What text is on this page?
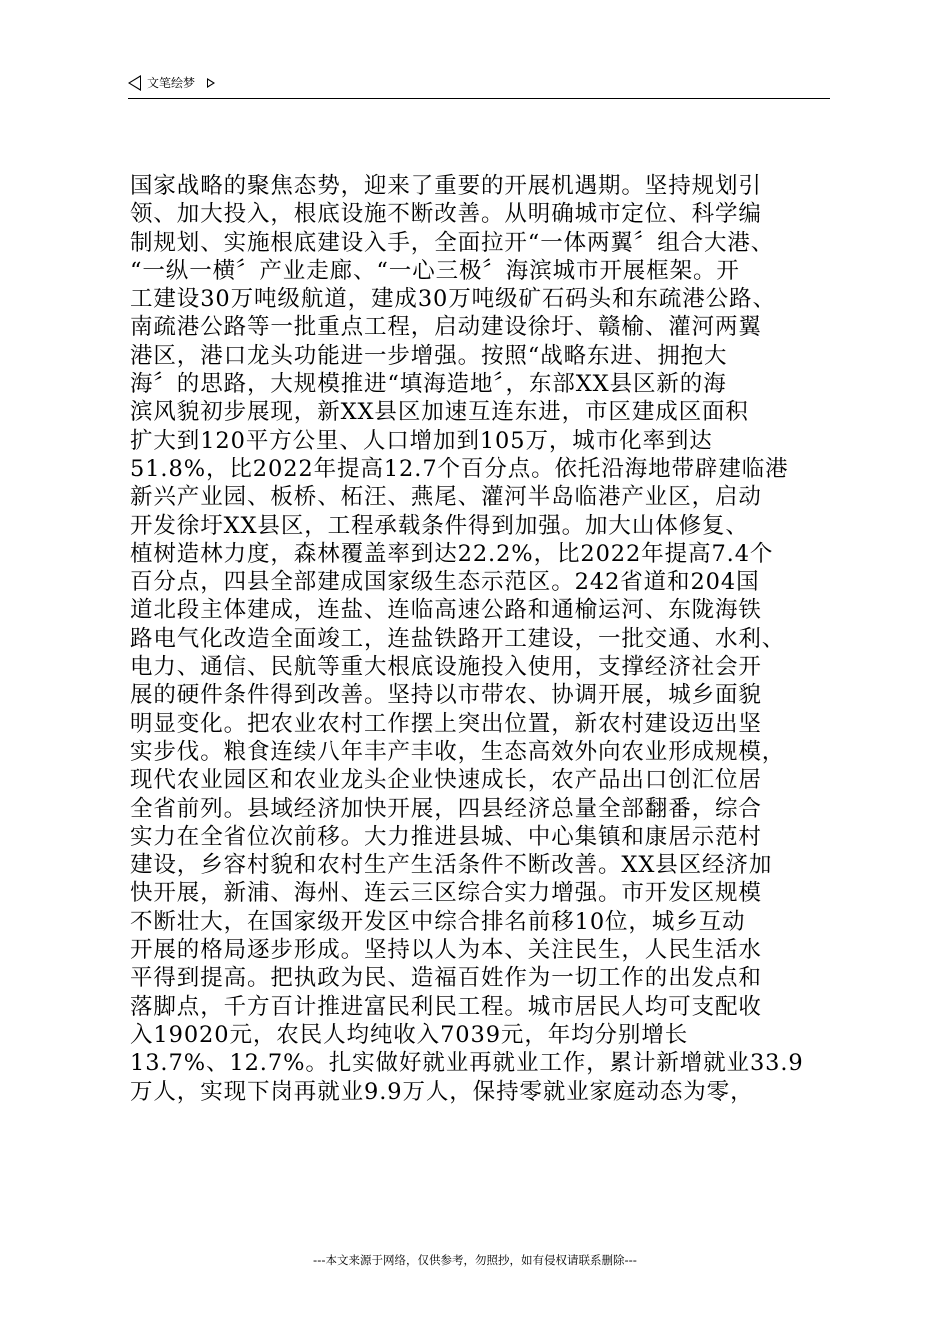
文笔绘梦
国家战略的聚焦态势，迎来了重要的开展机遇期。坚持规划引
领、加大投入，根底设施不断改善。从明确城市定位、科学编
制规划、实施根底建设入手，全面拉开“一体两翼〞组合大港、
“一纵一横〞产业走廊、“一心三极〞海滨城市开展框架。开
工建设30万吨级航道，建成30万吨级矿石码头和东疏港公路、
南疏港公路等一批重点工程，启动建设徐圩、赣榆、灌河两翼
港区，港口龙头功能进一步增强。按照“战略东进、拥抱大
海〞的思路，大规模推进“填海造地〞，东部XX县区新的海
滨风貌初步展现，新XX县区加速互连东进，市区建成区面积
扩大到120平方公里、人口增加到105万，城市化率到达
51.8%，比2022年提高12.7个百分点。依托沿海地带辟建临港
新兴产业园、板桥、柘汪、燕尾、灌河半岛临港产业区，启动
开发徐圩XX县区，工程承载条件得到加强。加大山体修复、
植树造林力度，森林覆盖率到达22.2%，比2022年提高7.4个
百分点，四县全部建成国家级生态示范区。242省道和204国
道北段主体建成，连盐、连临高速公路和通榆运河、东陇海铁
路电气化改造全面竣工，连盐铁路开工建设，一批交通、水利、
电力、通信、民航等重大根底设施投入使用，支撑经济社会开
展的硬件条件得到改善。坚持以市带农、协调开展，城乡面貌
明显变化。把农业农村工作摆上突出位置，新农村建设迈出坚
实步伐。粮食连续八年丰产丰收，生态高效外向农业形成规模，
现代农业园区和农业龙头企业快速成长，农产品出口创汇位居
全省前列。县域经济加快开展，四县经济总量全部翻番，综合
实力在全省位次前移。大力推进县城、中心集镇和康居示范村
建设，乡容村貌和农村生产生活条件不断改善。XX县区经济加
快开展，新浦、海州、连云三区综合实力增强。市开发区规模
不断壮大，在国家级开发区中综合排名前移10位，城乡互动
开展的格局逐步形成。坚持以人为本、关注民生，人民生活水
平得到提高。把执政为民、造福百姓作为一切工作的出发点和
落脚点，千方百计推进富民利民工程。城市居民人均可支配收
入19020元，农民人均纯收入7039元，年均分别增长
13.7%、12.7%。扎实做好就业再就业工作，累计新增就业33.9
万人，实现下岗再就业9.9万人，保持零就业家庭动态为零，
---本文来源于网络，仅供参考，勿照抄，如有侵权请联系删除---
